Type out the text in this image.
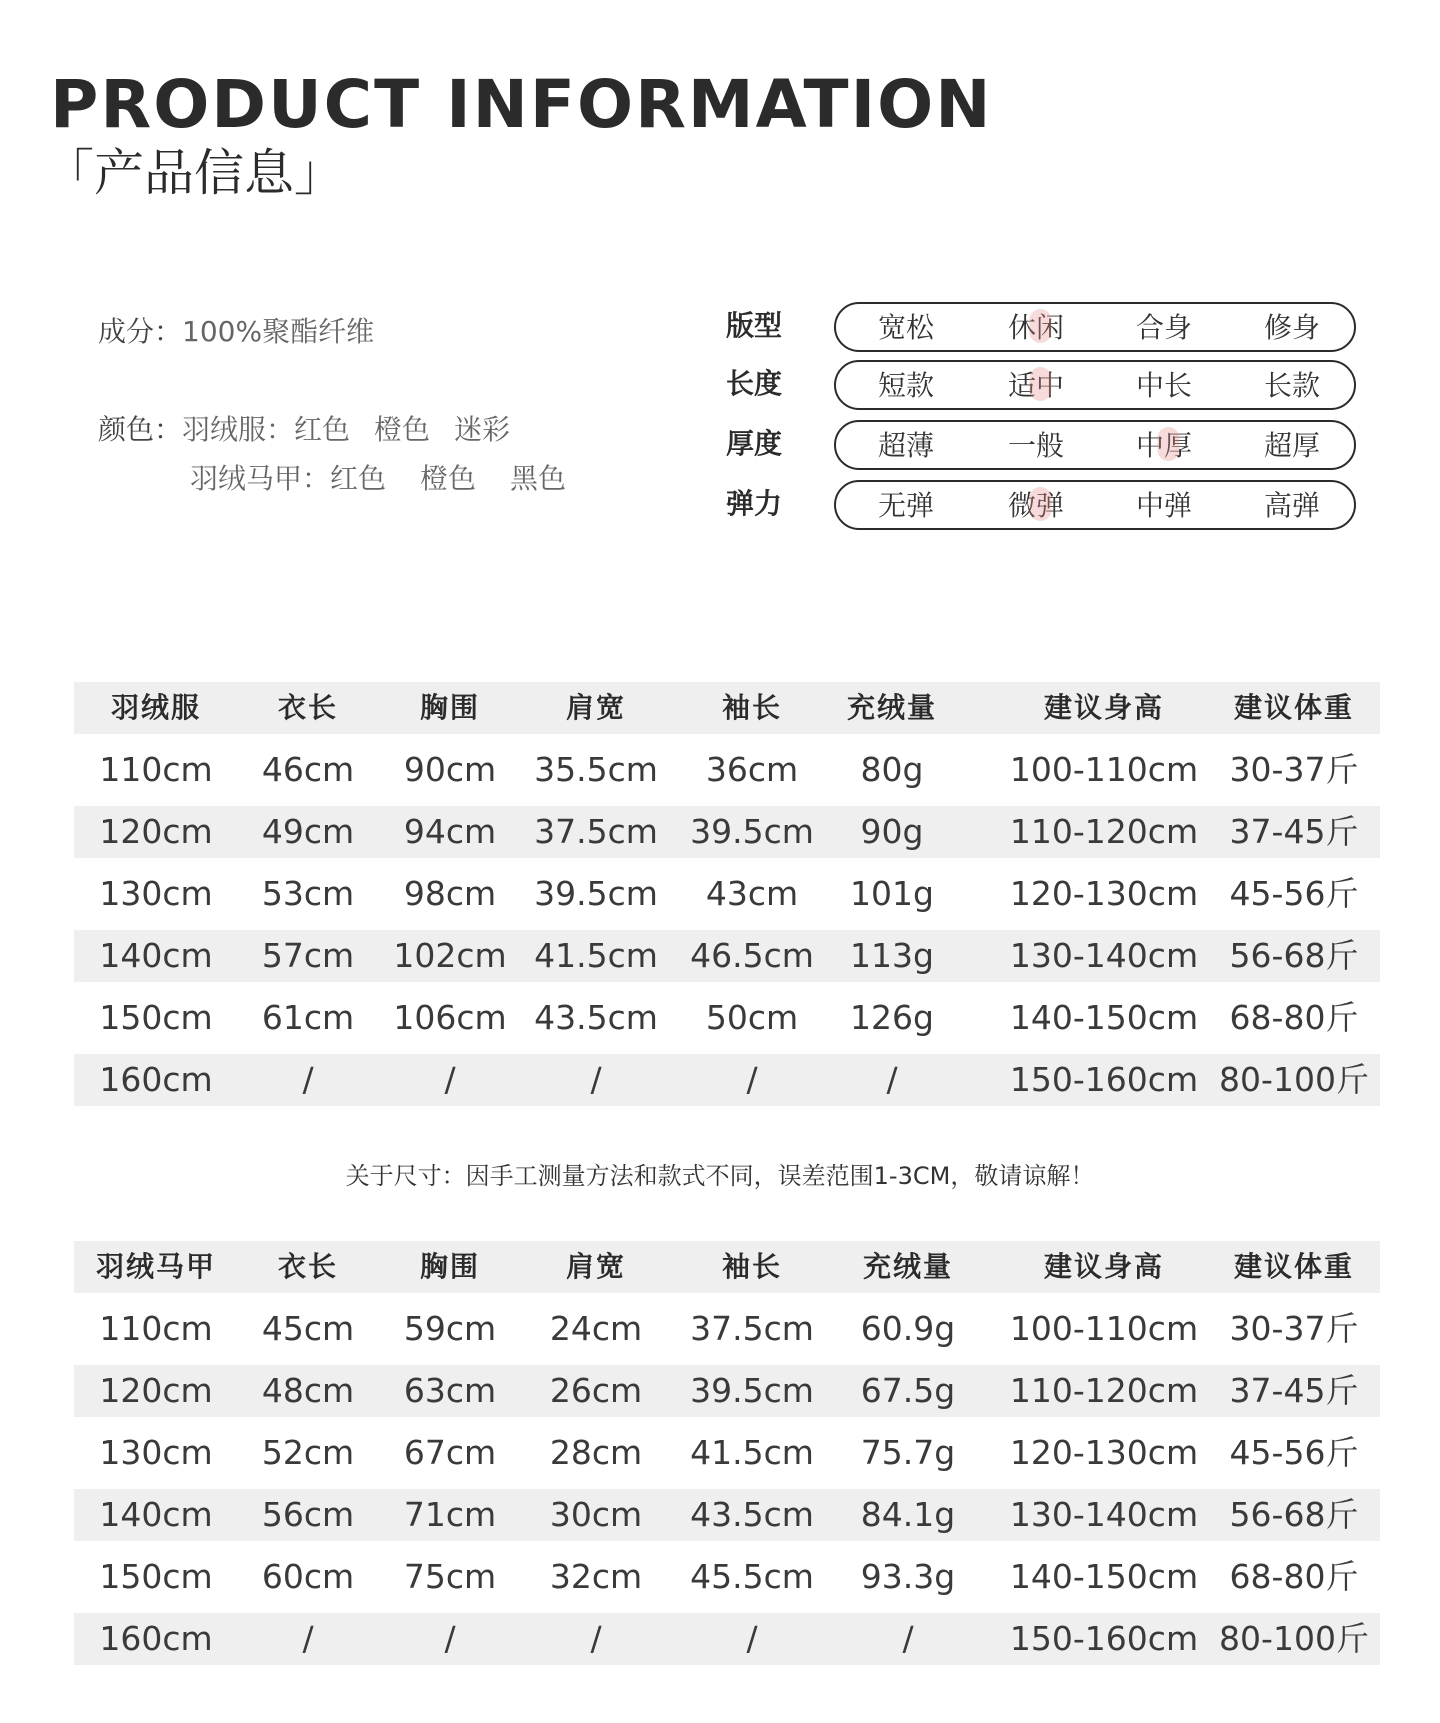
PRODUCT INFORMATION
「产品信息」
成分：100%聚酯纤维
颜色：羽绒服：红色 橙色 迷彩
羽绒马甲：红色 橙色 黑色
版型	宽松	休闲	合身	修身
长度	短款	适中	中长	长款
厚度	超薄	一般	中厚	超厚
弹力	无弹	微弹	中弹	高弹
羽绒服	衣长	胸围	肩宽	袖长 充绒量	建议身高 建议体重
110cm 46cm 90cm 35.5cm 36cm 80g	100-110cm 30-37斤
120cm 49cm 94cm 37.5cm 39.5cm 90g	110-120cm 37-45斤
130cm 53cm 98cm 39.5cm 43cm 101g 120-130cm 45-56斤
140cm 57cm 102cm 41.5cm 46.5cm 113g 130-140cm 56-68斤
150cm 61cm 106cm 43.5cm 50cm 126g 140-150cm 68-80斤
160cm	/	/	/	/	/	150-160cm 80-100斤
关于尺寸：因手工测量方法和款式不同，误差范围1-3CM，敬请谅解！
羽绒马甲 衣长	胸围	肩宽	袖长	充绒量	建议身高 建议体重
110cm 45cm 59cm 24cm 37.5cm 60.9g 100-110cm 30-37斤
120cm 48cm 63cm 26cm 39.5cm 67.5g 110-120cm 37-45斤
130cm 52cm 67cm 28cm 41.5cm 75.7g 120-130cm 45-56斤
140cm 56cm 71cm 30cm 43.5cm 84.1g 130-140cm 56-68斤
150cm 60cm 75cm 32cm 45.5cm 93.3g 140-150cm 68-80斤
160cm	/	/	/	/	/	150-160cm 80-100斤
